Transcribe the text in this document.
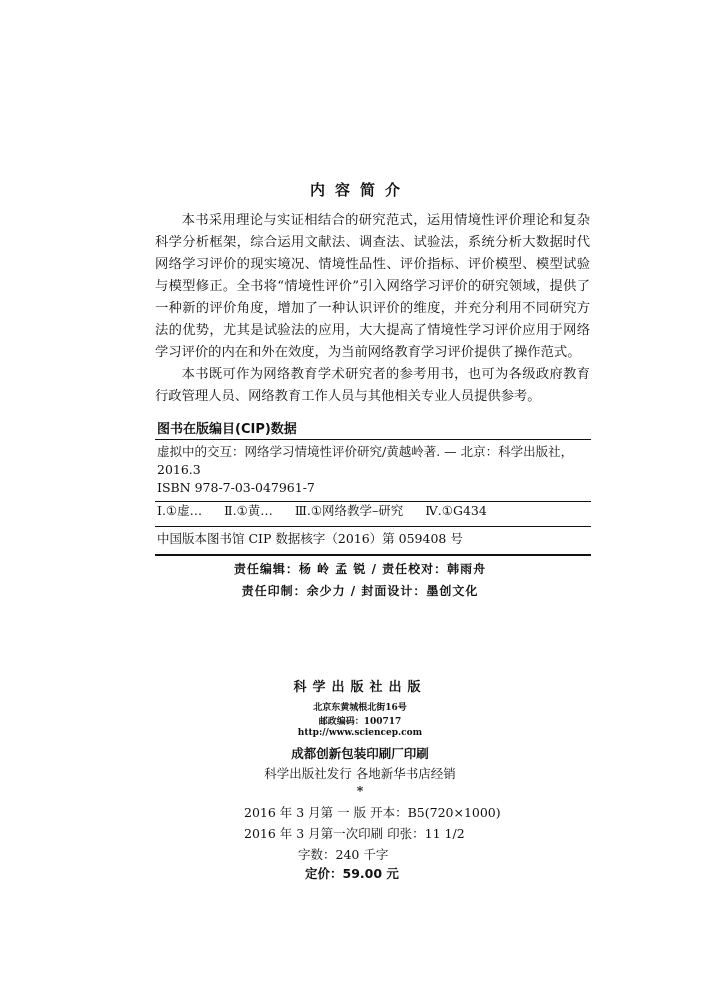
内容简介

本书采用理论与实证相结合的研究范式，运用情境性评价理论和复杂科学分析框架，综合运用文献法、调查法、试验法，系统分析大数据时代网络学习评价的现实境况、情境性品性、评价指标、评价模型、模型试验与模型修正。全书将“情境性评价”引入网络学习评价的研究领域，提供了一种新的评价角度，增加了一种认识评价的维度，并充分利用不同研究方法的优势，尤其是试验法的应用，大大提高了情境性学习评价应用于网络学习评价的内在和外在效度，为当前网络教育学习评价提供了操作范式。

本书既可作为网络教育学术研究者的参考用书，也可为各级政府教育行政管理人员、网络教育工作人员与其他相关专业人员提供参考。

图书在版编目(CIP)数据
虚拟中的交互：网络学习情境性评价研究/黄越岭著. — 北京：科学出版社，
2016.3
ISBN 978-7-03-047961-7
Ⅰ.①虚… Ⅱ.①黄… Ⅲ.①网络教学–研究 Ⅳ.①G434
中国版本图书馆 CIP 数据核字（2016）第 059408 号
责任编辑：杨 岭 孟 锐 / 责任校对：韩雨舟
责任印制：余少力 / 封面设计：墨创文化
科学出版社出版
北京东黄城根北街16号
邮政编码：100717
http://www.sciencep.com
成都创新包装印刷厂印刷
科学出版社发行 各地新华书店经销
*
2016 年 3 月第 一 版 开本：B5(720×1000)
2016 年 3 月第一次印刷 印张：11 1/2
字数：240 千字
定价：59.00 元
